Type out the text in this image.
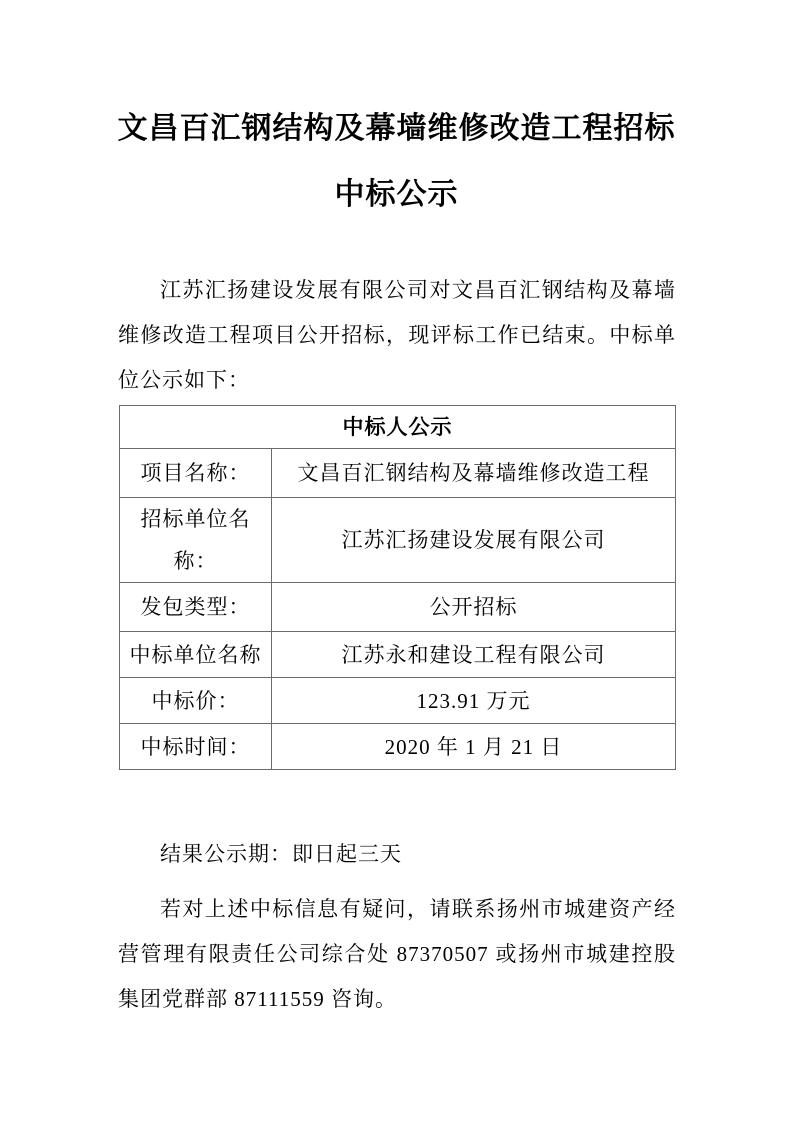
文昌百汇钢结构及幕墙维修改造工程招标
中标公示

江苏汇扬建设发展有限公司对文昌百汇钢结构及幕墙维修改造工程项目公开招标，现评标工作已结束。中标单位公示如下：

中标人公示	
项目名称：	文昌百汇钢结构及幕墙维修改造工程
招标单位名称：	江苏汇扬建设发展有限公司
发包类型：	公开招标
中标单位名称	江苏永和建设工程有限公司
中标价：	123.91 万元
中标时间：	2020 年 1 月 21 日

结果公示期：即日起三天

若对上述中标信息有疑问，请联系扬州市城建资产经营管理有限责任公司综合处 87370507 或扬州市城建控股集团党群部 87111559 咨询。
